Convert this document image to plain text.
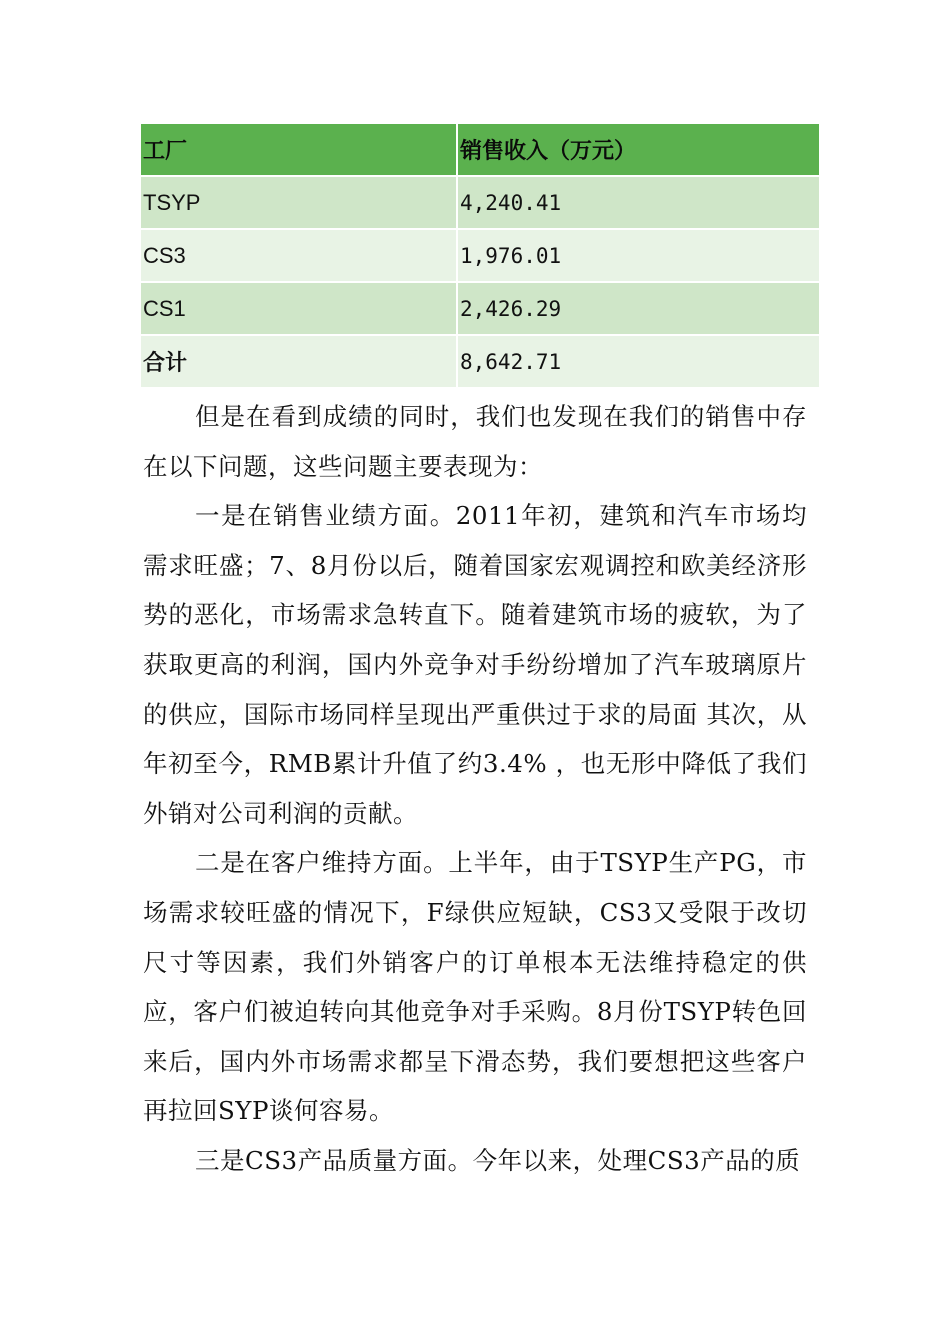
工厂	销售收入（万元）
TSYP	4,240.41
CS3	1,976.01
CS1	2,426.29
合计	8,642.71

但是在看到成绩的同时，我们也发现在我们的销售中存在以下问题，这些问题主要表现为：

一是在销售业绩方面。2011年初，建筑和汽车市场均需求旺盛；7、8月份以后，随着国家宏观调控和欧美经济形势的恶化，市场需求急转直下。随着建筑市场的疲软，为了获取更高的利润，国内外竞争对手纷纷增加了汽车玻璃原片的供应，国际市场同样呈现出严重供过于求的局面 其次，从年初至今，RMB累计升值了约3.4% ，也无形中降低了我们外销对公司利润的贡献。

二是在客户维持方面。上半年，由于TSYP生产PG，市场需求较旺盛的情况下，F绿供应短缺，CS3又受限于改切尺寸等因素，我们外销客户的订单根本无法维持稳定的供应，客户们被迫转向其他竞争对手采购。8月份TSYP转色回来后，国内外市场需求都呈下滑态势，我们要想把这些客户再拉回SYP谈何容易。

三是CS3产品质量方面。今年以来，处理CS3产品的质
